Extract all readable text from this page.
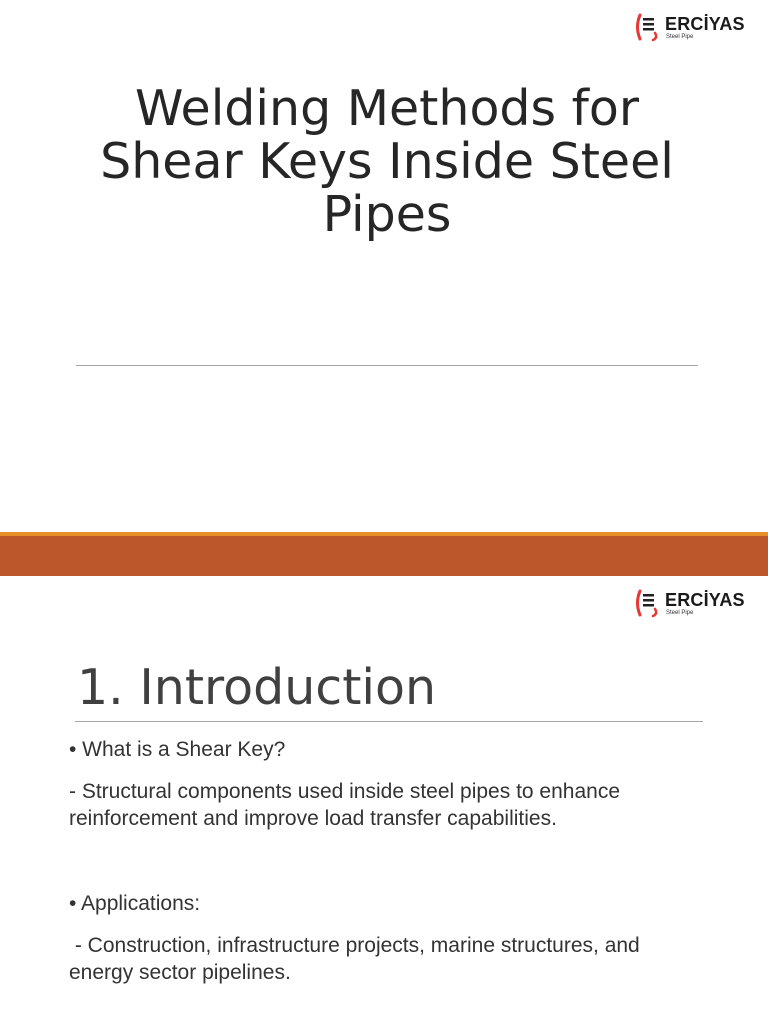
ERCİYAS
Steel Pipe
Welding Methods for Shear Keys Inside Steel Pipes
ERCİYAS
Steel Pipe
1. Introduction
• What is a Shear Key?
- Structural components used inside steel pipes to enhance reinforcement and improve load transfer capabilities.
• Applications:
- Construction, infrastructure projects, marine structures, and energy sector pipelines.
